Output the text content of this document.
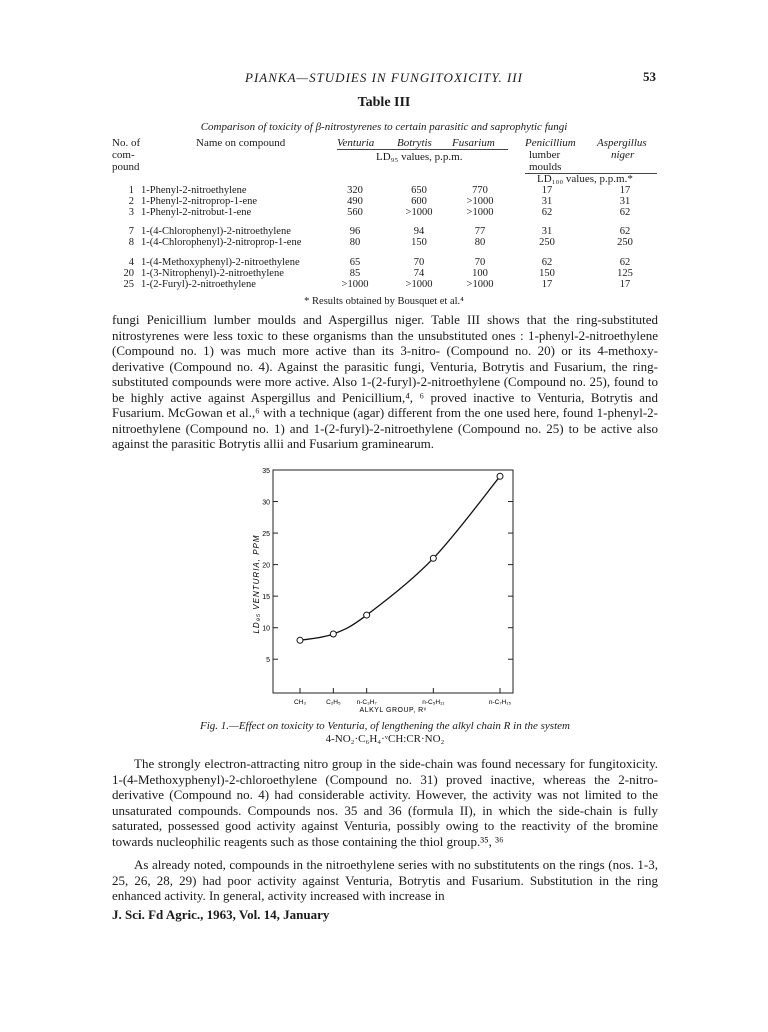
PIANKA—STUDIES IN FUNGITOXICITY. III	53
Table III
Comparison of toxicity of β-nitrostyrenes to certain parasitic and saprophytic fungi
No. of
com-
pound
Name on compound	Venturia Botrytis Fusarium
LD₉₅ values, p.p.m.
Penicillium
lumber
moulds
Aspergillus
niger
LD₁₀₀ values, p.p.m.*
1 1-Phenyl-2-nitroethylene	320	650	770	17	17
2 1-Phenyl-2-nitroprop-1-ene	490	600	>1000	31	31
3 1-Phenyl-2-nitrobut-1-ene	560	>1000	>1000	62	62
7 1-(4-Chlorophenyl)-2-nitroethylene	96	94	77	31	62
8 1-(4-Chlorophenyl)-2-nitroprop-1-ene	80	150	80	250	250
4 1-(4-Methoxyphenyl)-2-nitroethylene	65	70	70	62	62
20 1-(3-Nitrophenyl)-2-nitroethylene	85	74	100	150	125
25 1-(2-Furyl)-2-nitroethylene	>1000	>1000	>1000	17	17
* Results obtained by Bousquet et al.⁴

fungi Penicillium lumber moulds and Aspergillus niger. Table III shows that the ring-substituted nitrostyrenes were less toxic to these organisms than the unsubstituted ones : 1-phenyl-2-nitroethylene (Compound no. 1) was much more active than its 3-nitro- (Compound no. 20) or its 4-methoxy-derivative (Compound no. 4). Against the parasitic fungi, Venturia, Botrytis and Fusarium, the ring-substituted compounds were more active. Also 1-(2-furyl)-2-nitroethylene (Compound no. 25), found to be highly active against Aspergillus and Penicillium,⁴, ⁶ proved inactive to Venturia, Botrytis and Fusarium. McGowan et al.,⁶ with a technique (agar) different from the one used here, found 1-phenyl-2-nitroethylene (Compound no. 1) and 1-(2-furyl)-2-nitroethylene (Compound no. 25) to be active also against the parasitic Botrytis allii and Fusarium graminearum.

5
10
15
20
25
30
35
CH₃	C₂H₅ n-C₃H₇	n-C₅H₁₁	n-C₇H₁₅
LD₉₅ VENTURIA, PPM
ALKYL GROUP, Rᵛ
Fig. 1.—Effect on toxicity to Venturia, of lengthening the alkyl chain R in the system
4-NO₂·C₆H₄·ᵛCH:CR·NO₂

The strongly electron-attracting nitro group in the side-chain was found necessary for fungitoxicity. 1-(4-Methoxyphenyl)-2-chloroethylene (Compound no. 31) proved inactive, whereas the 2-nitro-derivative (Compound no. 4) had considerable activity. However, the activity was not limited to the unsaturated compounds. Compounds nos. 35 and 36 (formula II), in which the side-chain is fully saturated, possessed good activity against Venturia, possibly owing to the reactivity of the bromine towards nucleophilic reagents such as those containing the thiol group.³⁵, ³⁶

As already noted, compounds in the nitroethylene series with no substitutents on the rings (nos. 1-3, 25, 26, 28, 29) had poor activity against Venturia, Botrytis and Fusarium. Substitution in the ring enhanced activity. In general, activity increased with increase in

J. Sci. Fd Agric., 1963, Vol. 14, January
